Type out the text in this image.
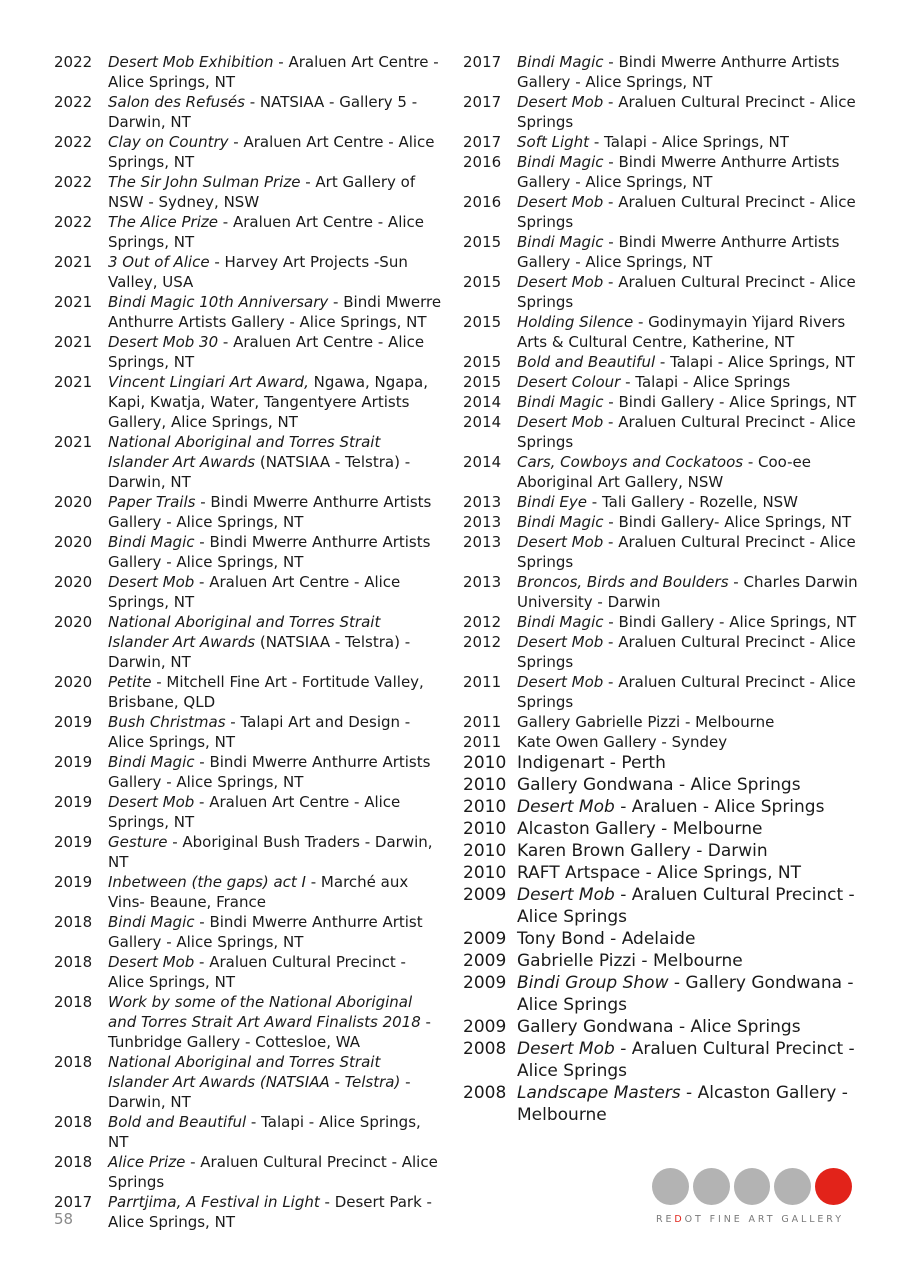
2022	Desert Mob Exhibition - Araluen Art Centre - Alice Springs, NT
2022	Salon des Refusés - NATSIAA - Gallery 5 - Darwin, NT
2022	Clay on Country - Araluen Art Centre - Alice Springs, NT
2022	The Sir John Sulman Prize - Art Gallery of NSW - Sydney, NSW
2022	The Alice Prize - Araluen Art Centre - Alice Springs, NT
2021	3 Out of Alice - Harvey Art Projects -Sun Valley, USA
2021	Bindi Magic 10th Anniversary - Bindi Mwerre Anthurre Artists Gallery - Alice Springs, NT
2021	Desert Mob 30 - Araluen Art Centre - Alice Springs, NT
2021	Vincent Lingiari Art Award, Ngawa, Ngapa, Kapi, Kwatja, Water, Tangentyere Artists Gallery, Alice Springs, NT
2021	National Aboriginal and Torres Strait Islander Art Awards (NATSIAA - Telstra) - Darwin, NT
2020	Paper Trails - Bindi Mwerre Anthurre Artists Gallery - Alice Springs, NT
2020	Bindi Magic - Bindi Mwerre Anthurre Artists Gallery - Alice Springs, NT
2020	Desert Mob - Araluen Art Centre - Alice Springs, NT
2020	National Aboriginal and Torres Strait Islander Art Awards (NATSIAA - Telstra) - Darwin, NT
2020	Petite - Mitchell Fine Art - Fortitude Valley, Brisbane, QLD
2019	Bush Christmas - Talapi Art and Design - Alice Springs, NT
2019	Bindi Magic - Bindi Mwerre Anthurre Artists Gallery - Alice Springs, NT
2019	Desert Mob - Araluen Art Centre - Alice Springs, NT
2019	Gesture - Aboriginal Bush Traders - Darwin, NT
2019	Inbetween (the gaps) act I - Marché aux Vins- Beaune, France
2018	Bindi Magic - Bindi Mwerre Anthurre Artist Gallery - Alice Springs, NT
2018	Desert Mob - Araluen Cultural Precinct - Alice Springs, NT
2018	Work by some of the National Aboriginal and Torres Strait Art Award Finalists 2018 - Tunbridge Gallery - Cottesloe, WA
2018	National Aboriginal and Torres Strait Islander Art Awards (NATSIAA - Telstra) - Darwin, NT
2018	Bold and Beautiful - Talapi - Alice Springs, NT
2018	Alice Prize - Araluen Cultural Precinct - Alice Springs
2017	Parrtjima, A Festival in Light - Desert Park - Alice Springs, NT
2017	Bindi Magic - Bindi Mwerre Anthurre Artists Gallery - Alice Springs, NT
2017	Desert Mob - Araluen Cultural Precinct - Alice Springs
2017	Soft Light - Talapi - Alice Springs, NT
2016	Bindi Magic - Bindi Mwerre Anthurre Artists Gallery - Alice Springs, NT
2016	Desert Mob - Araluen Cultural Precinct - Alice Springs
2015	Bindi Magic - Bindi Mwerre Anthurre Artists Gallery - Alice Springs, NT
2015	Desert Mob - Araluen Cultural Precinct - Alice Springs
2015	Holding Silence - Godinymayin Yijard Rivers Arts & Cultural Centre, Katherine, NT
2015	Bold and Beautiful - Talapi - Alice Springs, NT
2015	Desert Colour - Talapi - Alice Springs
2014	Bindi Magic - Bindi Gallery - Alice Springs, NT
2014	Desert Mob - Araluen Cultural Precinct - Alice Springs
2014	Cars, Cowboys and Cockatoos - Coo-ee Aboriginal Art Gallery, NSW
2013	Bindi Eye - Tali Gallery - Rozelle, NSW
2013	Bindi Magic - Bindi Gallery- Alice Springs, NT
2013	Desert Mob - Araluen Cultural Precinct - Alice Springs
2013	Broncos, Birds and Boulders - Charles Darwin University - Darwin
2012	Bindi Magic - Bindi Gallery - Alice Springs, NT
2012	Desert Mob - Araluen Cultural Precinct - Alice Springs
2011	Desert Mob - Araluen Cultural Precinct - Alice Springs
2011	Gallery Gabrielle Pizzi - Melbourne
2011	Kate Owen Gallery - Syndey
2010 Indigenart - Perth
2010 Gallery Gondwana - Alice Springs
2010 Desert Mob - Araluen - Alice Springs
2010 Alcaston Gallery - Melbourne
2010 Karen Brown Gallery - Darwin
2010 RAFT Artspace - Alice Springs, NT
2009 Desert Mob - Araluen Cultural Precinct - Alice Springs
2009 Tony Bond - Adelaide
2009 Gabrielle Pizzi - Melbourne
2009 Bindi Group Show - Gallery Gondwana - Alice Springs
2009 Gallery Gondwana - Alice Springs
2008 Desert Mob - Araluen Cultural Precinct - Alice Springs
2008 Landscape Masters - Alcaston Gallery - Melbourne
58	REDOT FINE ART GALLERY
